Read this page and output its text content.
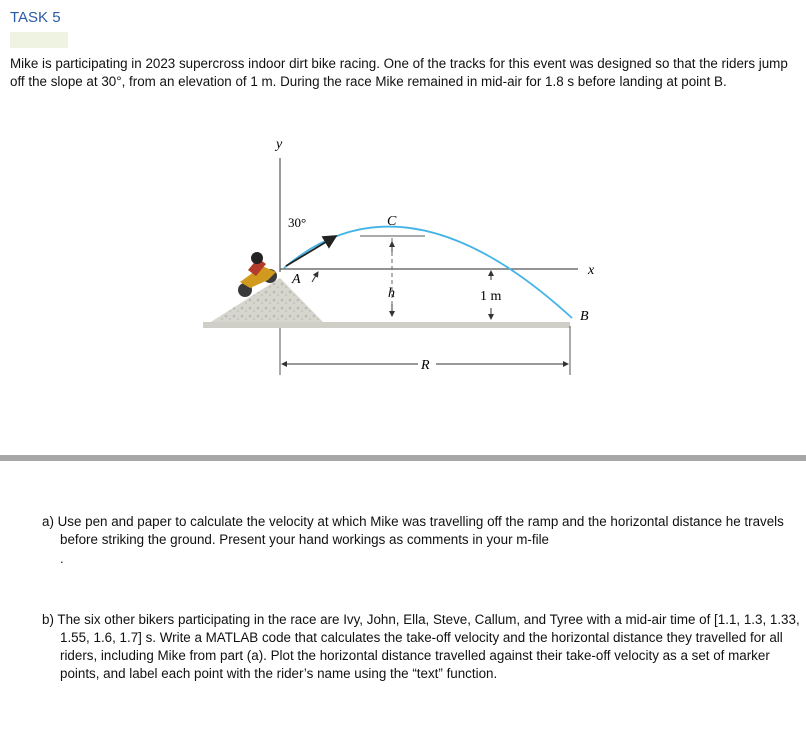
TASK 5
Mike is participating in 2023 supercross indoor dirt bike racing. One of the tracks for this event was designed so that the riders jump off the slope at 30°, from an elevation of 1 m. During the race Mike remained in mid-air for 1.8 s before landing at point B.
y
x
30°	C
h	1 m
A
B
R
a) Use pen and paper to calculate the velocity at which Mike was travelling off the ramp and the horizontal distance he travels before striking the ground. Present your hand workings as comments in your m-file
.
b) The six other bikers participating in the race are Ivy, John, Ella, Steve, Callum, and Tyree with a mid-air time of [1.1, 1.3, 1.33, 1.55, 1.6, 1.7] s. Write a MATLAB code that calculates the take-off velocity and the horizontal distance they travelled for all riders, including Mike from part (a). Plot the horizontal distance travelled against their take-off velocity as a set of marker points, and label each point with the rider’s name using the “text” function.
